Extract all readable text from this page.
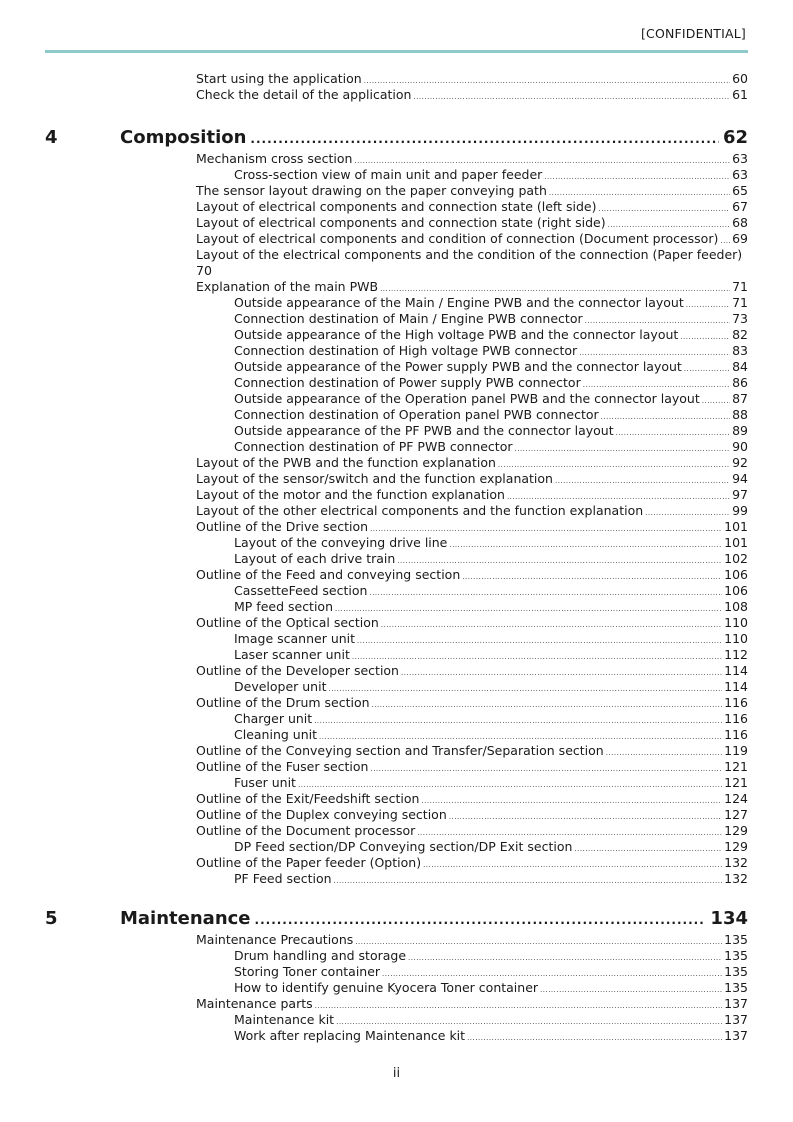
[CONFIDENTIAL]
Start using the application .....	60
Check the detail of the application .....	61
4	Composition .....	62
Mechanism cross section .....	63
Cross-section view of main unit and paper feeder .....	63
The sensor layout drawing on the paper conveying path .....	65
Layout of electrical components and connection state (left side) .....	67
Layout of electrical components and connection state (right side) .....	68
Layout of electrical components and condition of connection (Document processor) ..... 69
Layout of the electrical components and the condition of the connection (Paper feeder) 70
Explanation of the main PWB .....	71
Outside appearance of the Main / Engine PWB and the connector layout .....	71
Connection destination of Main / Engine PWB connector .....	73
Outside appearance of the High voltage PWB and the connector layout .....	82
Connection destination of High voltage PWB connector .....	83
Outside appearance of the Power supply PWB and the connector layout .....	84
Connection destination of Power supply PWB connector .....	86
Outside appearance of the Operation panel PWB and the connector layout .....	87
Connection destination of Operation panel PWB connector .....	88
Outside appearance of the PF PWB and the connector layout .....	89
Connection destination of PF PWB connector .....	90
Layout of the PWB and the function explanation .....	92
Layout of the sensor/switch and the function explanation .....	94
Layout of the motor and the function explanation .....	97
Layout of the other electrical components and the function explanation .....	99
Outline of the Drive section .....	101
Layout of the conveying drive line .....	101
Layout of each drive train .....	102
Outline of the Feed and conveying section .....	106
CassetteFeed section .....	106
MP feed section .....	108
Outline of the Optical section .....	110
Image scanner unit .....	110
Laser scanner unit .....	112
Outline of the Developer section .....	114
Developer unit .....	114
Outline of the Drum section .....	116
Charger unit .....	116
Cleaning unit .....	116
Outline of the Conveying section and Transfer/Separation section .....	119
Outline of the Fuser section .....	121
Fuser unit .....	121
Outline of the Exit/Feedshift section .....	124
Outline of the Duplex conveying section .....	127
Outline of the Document processor .....	129
DP Feed section/DP Conveying section/DP Exit section .....	129
Outline of the Paper feeder (Option) .....	132
PF Feed section .....	132
5	Maintenance .....	134
Maintenance Precautions .....	135
Drum handling and storage .....	135
Storing Toner container .....	135
How to identify genuine Kyocera Toner container .....	135
Maintenance parts .....	137
Maintenance kit .....	137
Work after replacing Maintenance kit .....	137
ii
